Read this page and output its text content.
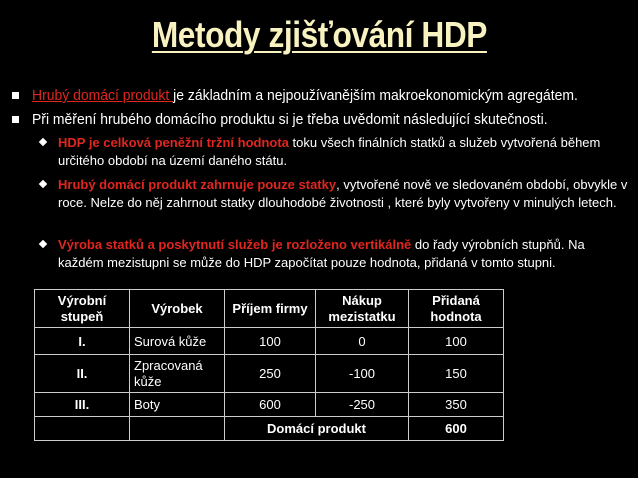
Metody zjišťování HDP
Hrubý domácí produkt je základním a nejpoužívanějším makroekonomickým agregátem.
Při měření hrubého domácího produktu si je třeba uvědomit následující skutečnosti.
HDP je celková peněžní tržní hodnota toku všech finálních statků a služeb vytvořená během určitého období na území daného státu.
Hrubý domácí produkt zahrnuje pouze statky, vytvořené nově ve sledovaném období, obvykle v roce. Nelze do něj zahrnout statky dlouhodobé životnosti , které byly vytvořeny v minulých letech.
Výroba statků a poskytnutí služeb je rozloženo vertikálně do řady výrobních stupňů. Na každém mezistupni se může do HDP započítat pouze hodnota, přidaná v tomto stupni.
Výrobní stupeň	Výrobek	Příjem firmy	Nákup mezistatku	Přidaná hodnota
I.	Surová kůže	100	0	100
II.	Zpracovaná kůže	250	-100	150
III.	Boty	600	-250	350
		Domácí produkt		600
